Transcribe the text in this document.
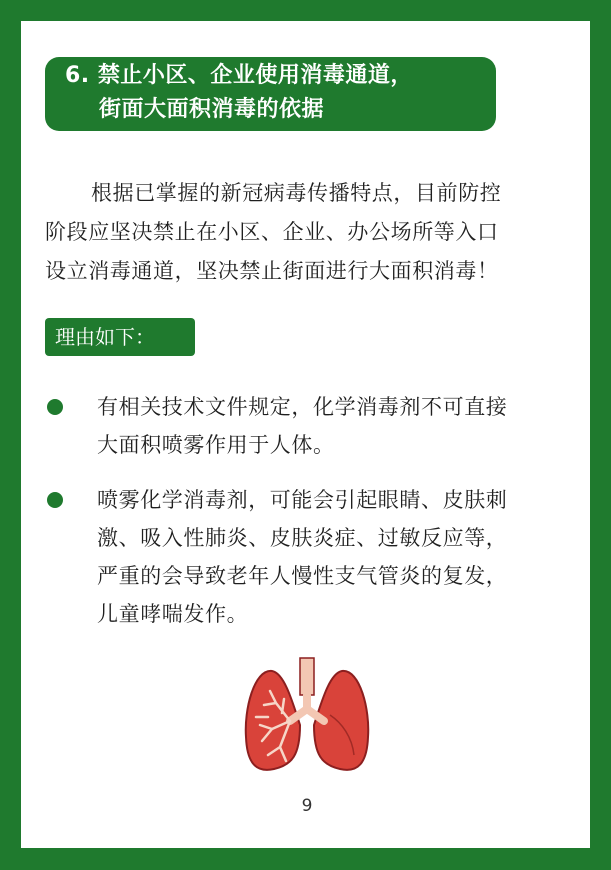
6. 禁止小区、企业使用消毒通道，
街面大面积消毒的依据
根据已掌握的新冠病毒传播特点，目前防控
阶段应坚决禁止在小区、企业、办公场所等入口
设立消毒通道，坚决禁止街面进行大面积消毒！
理由如下：
有相关技术文件规定，化学消毒剂不可直接
大面积喷雾作用于人体。
喷雾化学消毒剂，可能会引起眼睛、皮肤刺
激、吸入性肺炎、皮肤炎症、过敏反应等，
严重的会导致老年人慢性支气管炎的复发，
儿童哮喘发作。
9
